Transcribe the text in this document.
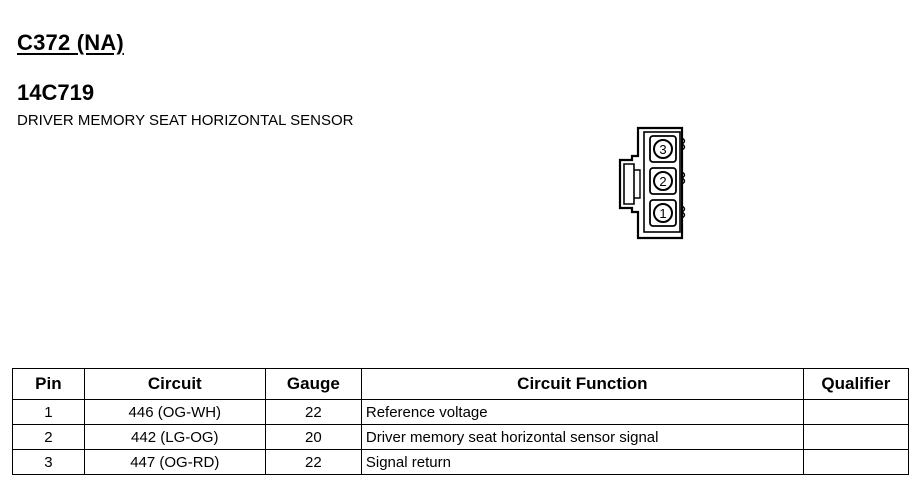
C372 (NA)
14C719
DRIVER MEMORY SEAT HORIZONTAL SENSOR
3
2
1
Pin	Circuit	Gauge	Circuit Function	Qualifier
1	446 (OG-WH)	22	Reference voltage	
2	442 (LG-OG)	20	Driver memory seat horizontal sensor signal	
3	447 (OG-RD)	22	Signal return	
